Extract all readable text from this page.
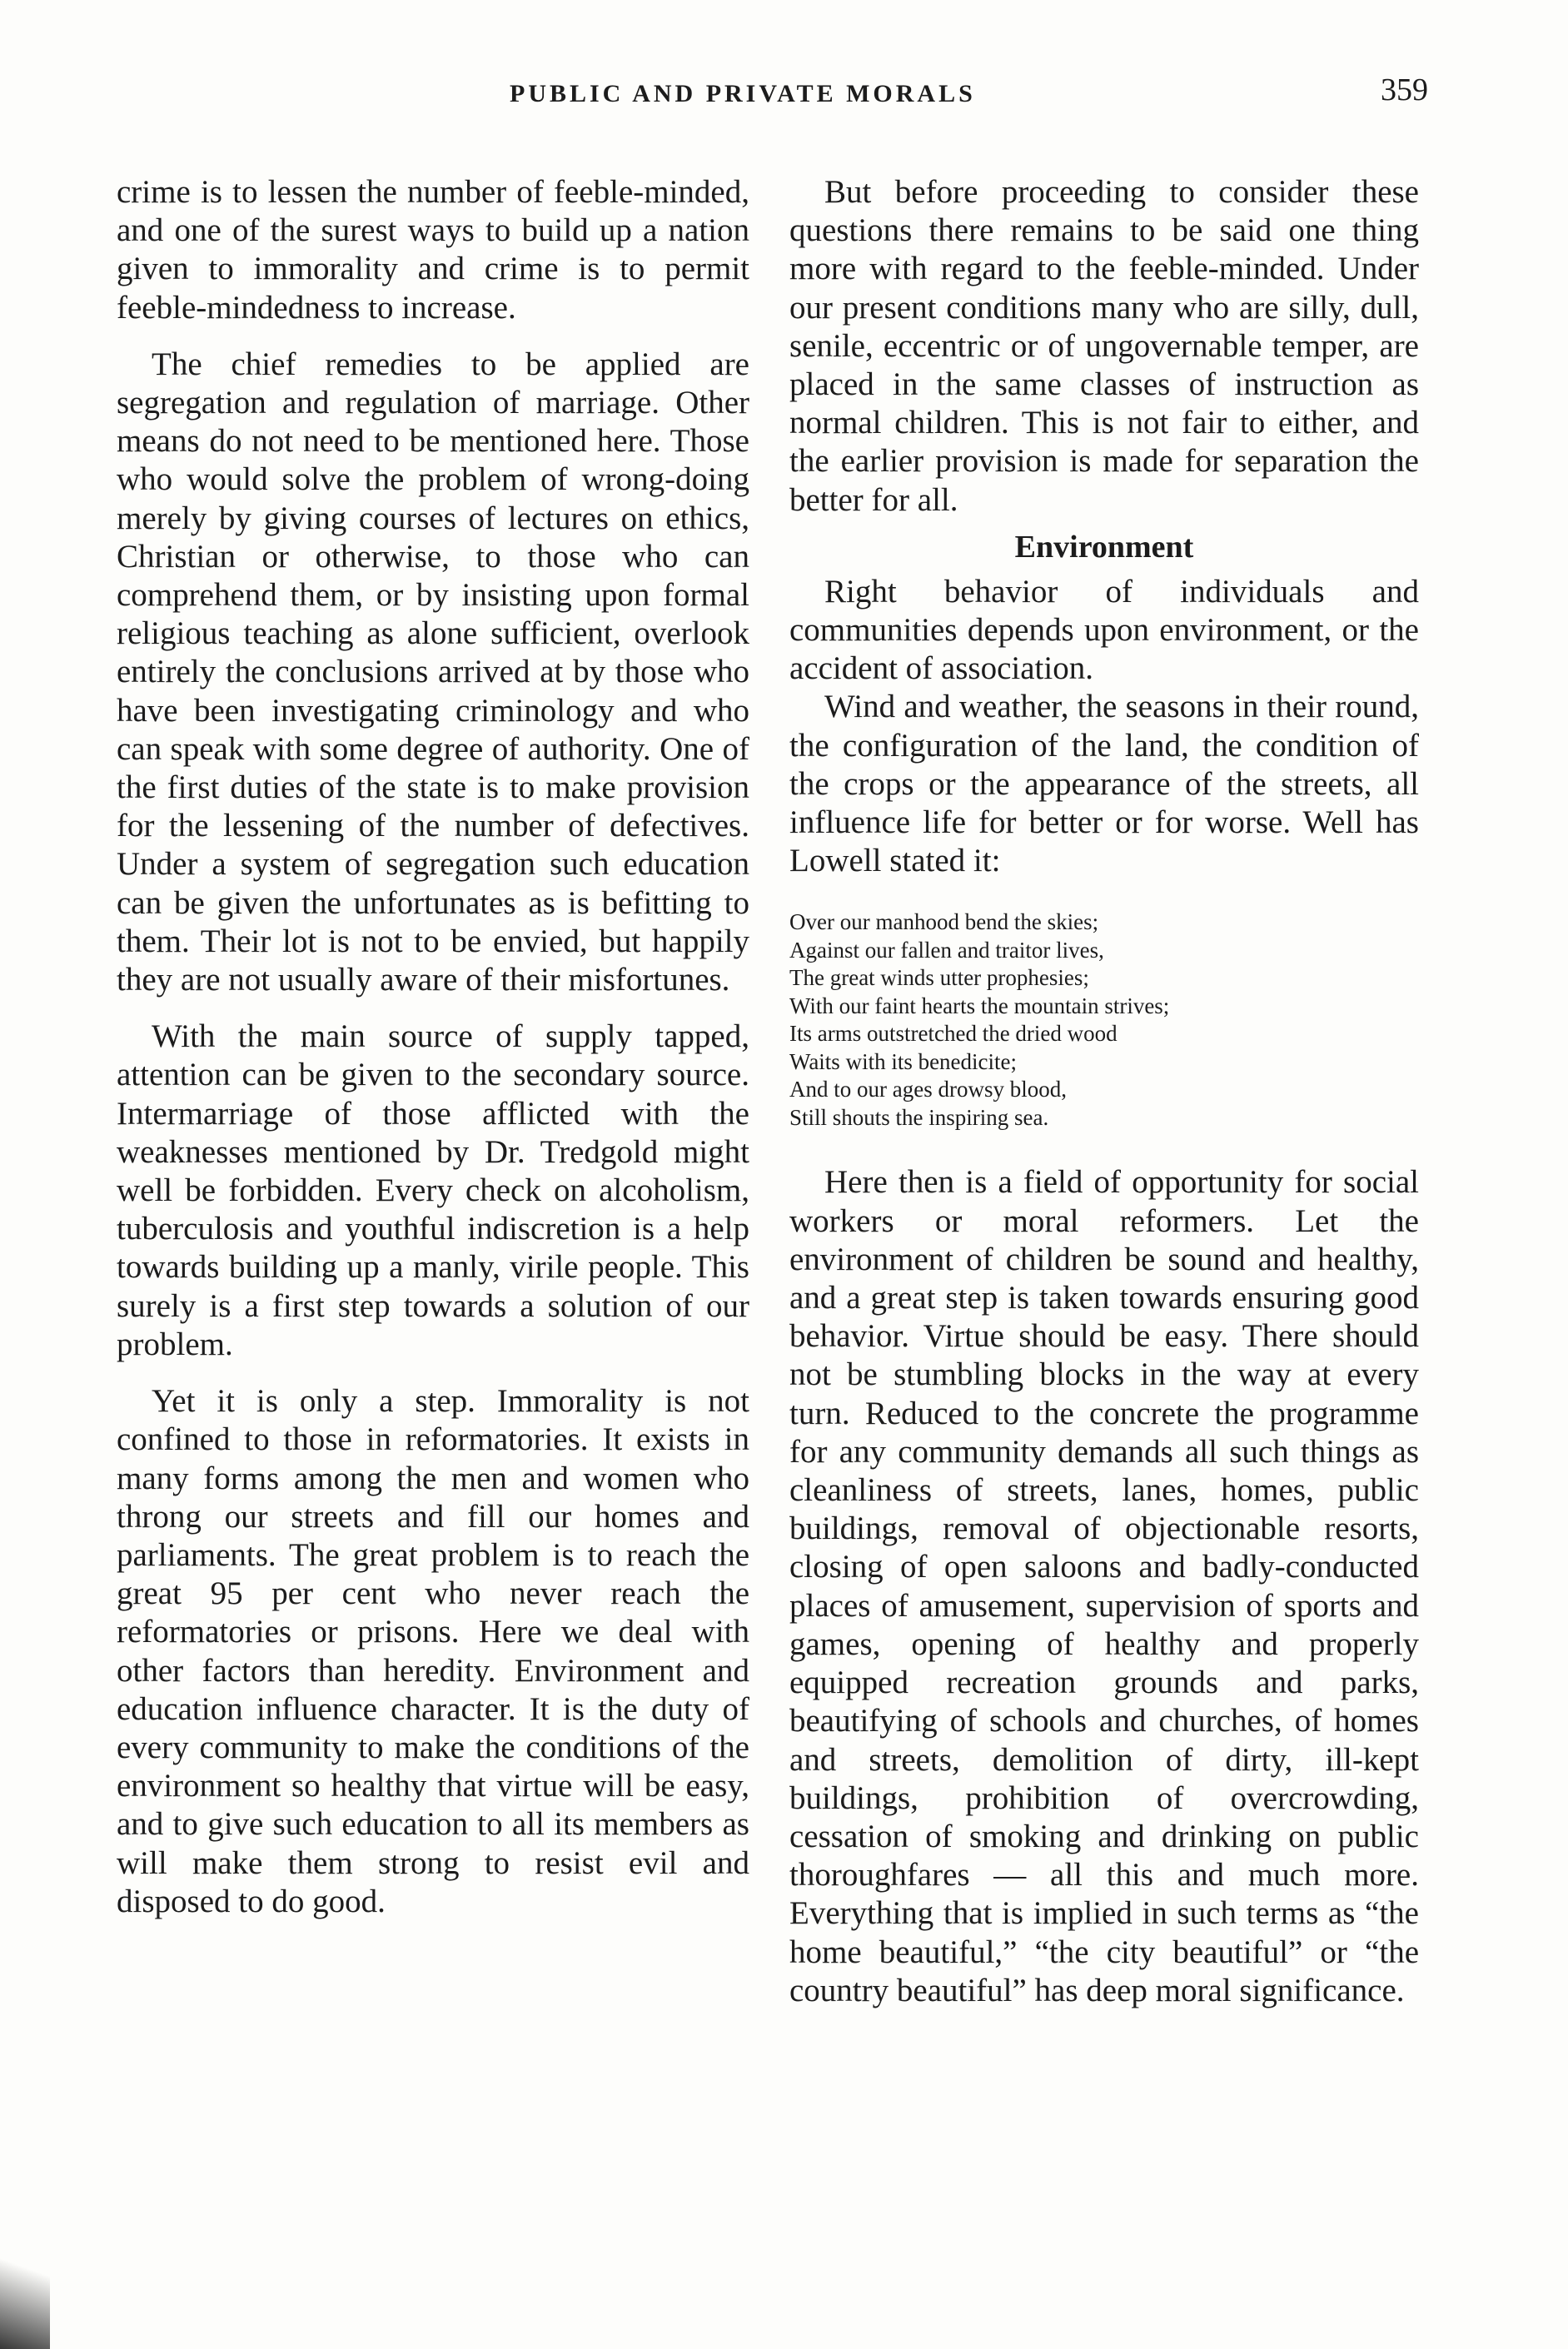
PUBLIC AND PRIVATE MORALS	359

crime is to lessen the number of feeble-minded, and one of the surest ways to build up a nation given to immorality and crime is to permit feeble-mindedness to increase.

The chief remedies to be applied are segregation and regulation of marriage. Other means do not need to be mentioned here. Those who would solve the problem of wrong-doing merely by giving courses of lectures on ethics, Christian or otherwise, to those who can comprehend them, or by insisting upon formal religious teaching as alone sufficient, overlook entirely the conclusions arrived at by those who have been investigating criminology and who can speak with some degree of authority. One of the first duties of the state is to make provision for the lessening of the number of defectives. Under a system of segregation such education can be given the unfortunates as is befitting to them. Their lot is not to be envied, but happily they are not usually aware of their misfortunes.

With the main source of supply tapped, attention can be given to the secondary source. Intermarriage of those afflicted with the weaknesses mentioned by Dr. Tredgold might well be forbidden. Every check on alcoholism, tuberculosis and youthful indiscretion is a help towards building up a manly, virile people. This surely is a first step towards a solution of our problem.

Yet it is only a step. Immorality is not confined to those in reformatories. It exists in many forms among the men and women who throng our streets and fill our homes and parliaments. The great problem is to reach the great 95 per cent who never reach the reformatories or prisons. Here we deal with other factors than heredity. Environment and education influence character. It is the duty of every community to make the conditions of the environment so healthy that virtue will be easy, and to give such education to all its members as will make them strong to resist evil and disposed to do good.

But before proceeding to consider these questions there remains to be said one thing more with regard to the feeble-minded. Under our present conditions many who are silly, dull, senile, eccentric or of ungovernable temper, are placed in the same classes of instruction as normal children. This is not fair to either, and the earlier provision is made for separation the better for all.

Environment

Right behavior of individuals and communities depends upon environment, or the accident of association.

Wind and weather, the seasons in their round, the configuration of the land, the condition of the crops or the appearance of the streets, all influence life for better or for worse. Well has Lowell stated it:

Over our manhood bend the skies;
Against our fallen and traitor lives,
The great winds utter prophesies;
With our faint hearts the mountain strives;
Its arms outstretched the dried wood
Waits with its benedicite;
And to our ages drowsy blood,
Still shouts the inspiring sea.

Here then is a field of opportunity for social workers or moral reformers. Let the environment of children be sound and healthy, and a great step is taken towards ensuring good behavior. Virtue should be easy. There should not be stumbling blocks in the way at every turn. Reduced to the concrete the programme for any community demands all such things as cleanliness of streets, lanes, homes, public buildings, removal of objectionable resorts, closing of open saloons and badly-conducted places of amusement, supervision of sports and games, opening of healthy and properly equipped recreation grounds and parks, beautifying of schools and churches, of homes and streets, demolition of dirty, ill-kept buildings, prohibition of overcrowding, cessation of smoking and drinking on public thoroughfares — all this and much more. Everything that is implied in such terms as “the home beautiful,” “the city beautiful” or “the country beautiful” has deep moral significance.
